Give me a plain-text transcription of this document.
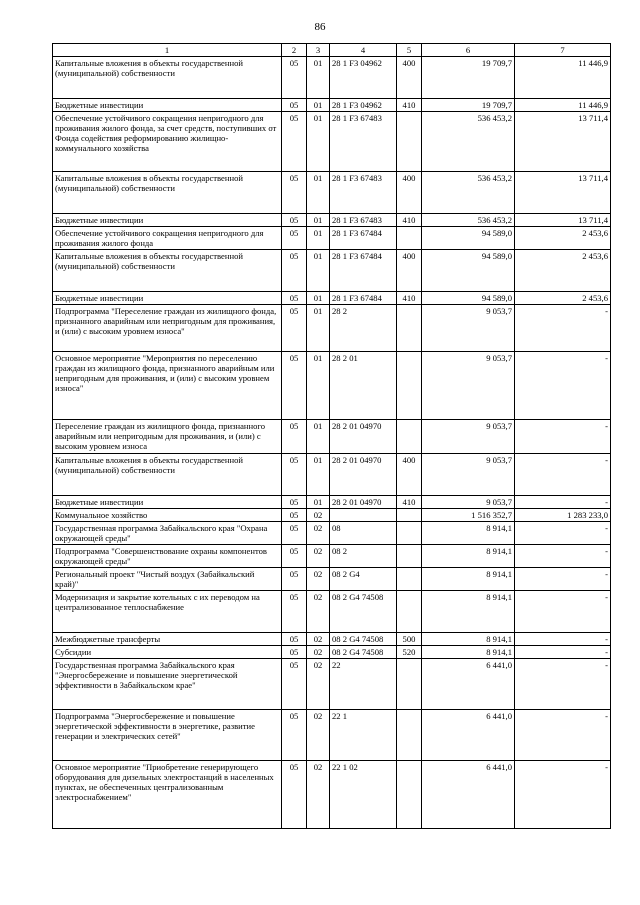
86
1	2	3	4	5	6	7
Капитальные вложения в объекты государственной (муниципальной) собственности	05	01	28 1 F3 04962	400	19 709,7	11 446,9
Бюджетные инвестиции	05	01	28 1 F3 04962	410	19 709,7	11 446,9
Обеспечение устойчивого сокращения непригодного для проживания жилого фонда, за счет средств, поступивших от Фонда содействия реформированию жилищно-коммунального хозяйства	05	01	28 1 F3 67483		536 453,2	13 711,4
Капитальные вложения в объекты государственной (муниципальной) собственности	05	01	28 1 F3 67483	400	536 453,2	13 711,4
Бюджетные инвестиции	05	01	28 1 F3 67483	410	536 453,2	13 711,4
Обеспечение устойчивого сокращения непригодного для проживания жилого фонда	05	01	28 1 F3 67484		94 589,0	2 453,6
Капитальные вложения в объекты государственной (муниципальной) собственности	05	01	28 1 F3 67484	400	94 589,0	2 453,6
Бюджетные инвестиции	05	01	28 1 F3 67484	410	94 589,0	2 453,6
Подпрограмма "Переселение граждан из жилищного фонда, признанного аварийным или непригодным для проживания, и (или) с высоким уровнем износа"	05	01	28 2		9 053,7	-
Основное мероприятие "Мероприятия по переселению граждан из жилищного фонда, признанного аварийным или непригодным для проживания, и (или) с высоким уровнем износа"	05	01	28 2 01		9 053,7	-
Переселение граждан из жилищного фонда, признанного аварийным или непригодным для проживания, и (или) с высоким уровнем износа	05	01	28 2 01 04970		9 053,7	-
Капитальные вложения в объекты государственной (муниципальной) собственности	05	01	28 2 01 04970	400	9 053,7	-
Бюджетные инвестиции	05	01	28 2 01 04970	410	9 053,7	-
Коммунальное хозяйство	05	02			1 516 352,7	1 283 233,0
Государственная программа Забайкальского края "Охрана окружающей среды"	05	02	08		8 914,1	-
Подпрограмма "Совершенствование охраны компонентов окружающей среды"	05	02	08 2		8 914,1	-
Региональный проект "Чистый воздух (Забайкальский край)"	05	02	08 2 G4		8 914,1	-
Модернизация и закрытие котельных с их переводом на централизованное теплоснабжение	05	02	08 2 G4 74508		8 914,1	-
Межбюджетные трансферты	05	02	08 2 G4 74508	500	8 914,1	-
Субсидии	05	02	08 2 G4 74508	520	8 914,1	-
Государственная программа Забайкальского края "Энергосбережение и повышение энергетической эффективности в Забайкальском крае"	05	02	22		6 441,0	-
Подпрограмма "Энергосбережение и повышение энергетической эффективности в энергетике, развитие генерации и электрических сетей"	05	02	22 1		6 441,0	-
Основное мероприятие "Приобретение генерирующего оборудования для дизельных электростанций в населенных пунктах, не обеспеченных централизованным электроснабжением"	05	02	22 1 02		6 441,0	-
